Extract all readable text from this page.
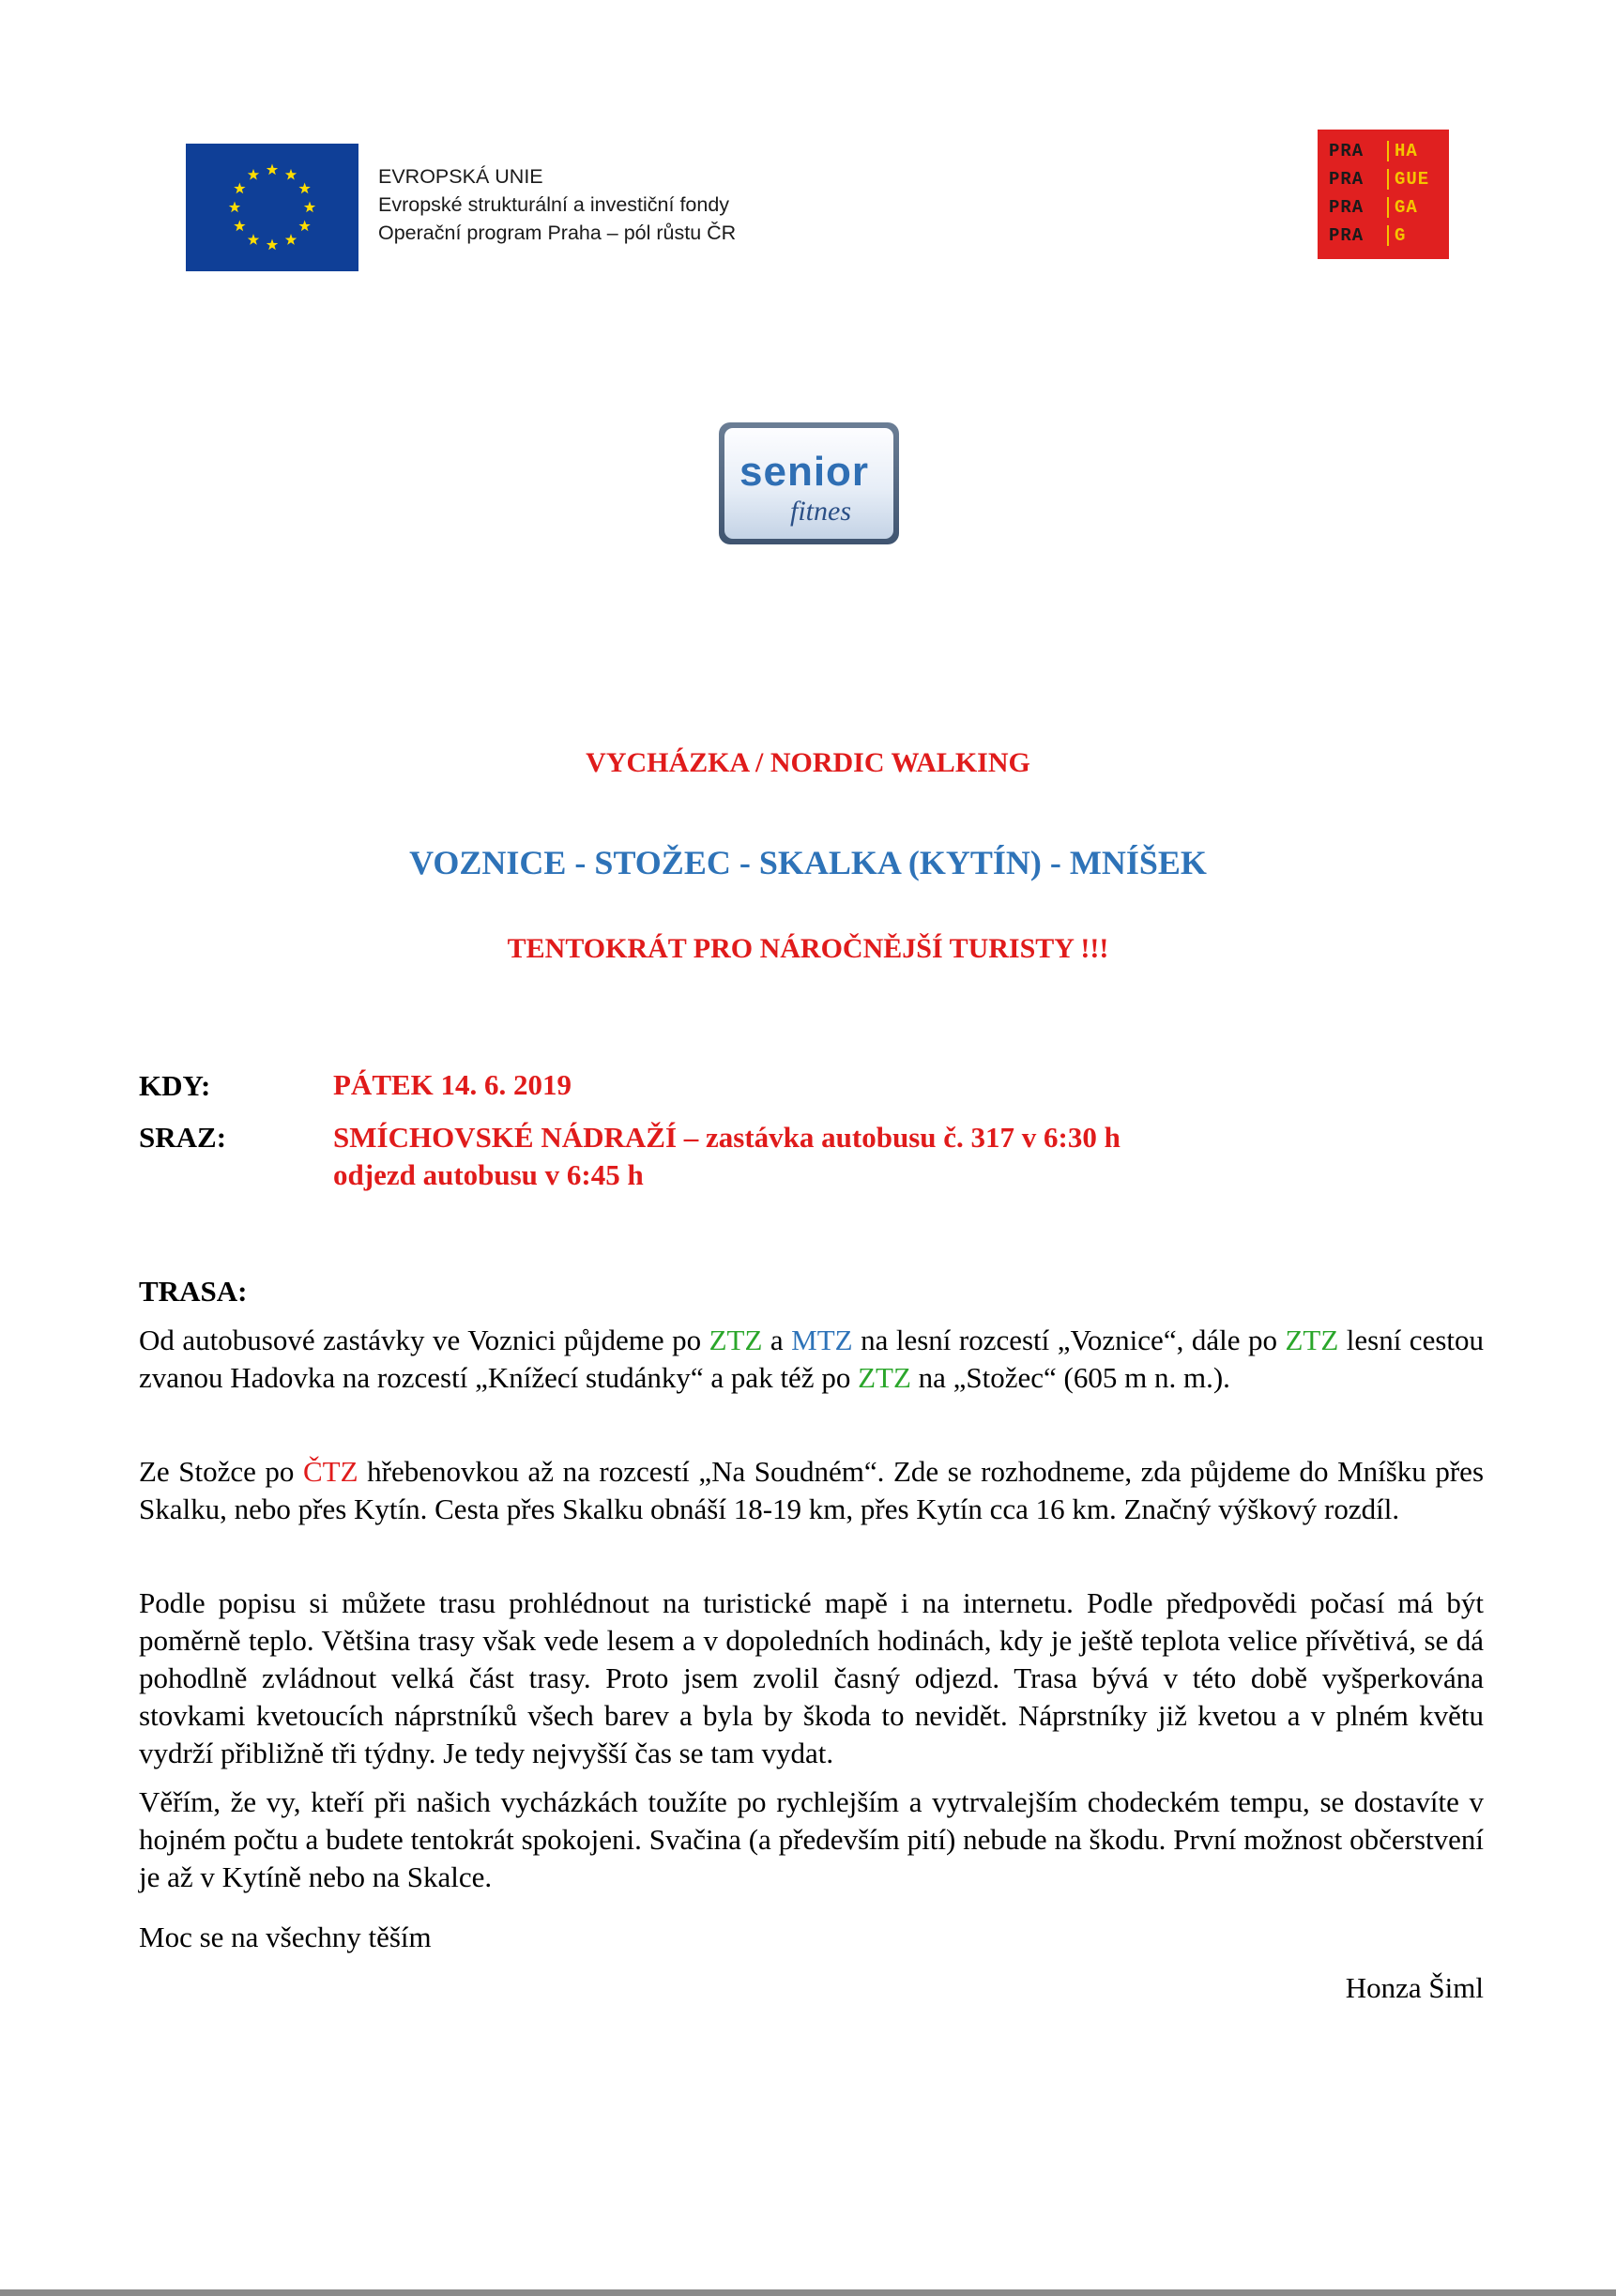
EVROPSKÁ UNIE
Evropské strukturální a investiční fondy
Operační program Praha – pól růstu ČR
PRA HA
PRA GUE
PRA GA
PRA G
senior
fitnes
VYCHÁZKA / NORDIC WALKING
VOZNICE - STOŽEC - SKALKA (KYTÍN) - MNÍŠEK
TENTOKRÁT PRO NÁROČNĚJŠÍ TURISTY !!!
KDY:	PÁTEK 14. 6. 2019
SRAZ:	SMÍCHOVSKÉ NÁDRAŽÍ – zastávka autobusu č. 317 v 6:30 h
odjezd autobusu v 6:45 h
TRASA:
Od autobusové zastávky ve Voznici půjdeme po ZTZ a MTZ na lesní rozcestí „Voznice“, dále po ZTZ lesní cestou zvanou Hadovka na rozcestí „Knížecí studánky“ a pak též po ZTZ na „Stožec“ (605 m n. m.).
Ze Stožce po ČTZ hřebenovkou až na rozcestí „Na Soudném“. Zde se rozhodneme, zda půjdeme do Mníšku přes Skalku, nebo přes Kytín. Cesta přes Skalku obnáší 18-19 km, přes Kytín cca 16 km. Značný výškový rozdíl.
Podle popisu si můžete trasu prohlédnout na turistické mapě i na internetu. Podle předpovědi počasí má být poměrně teplo. Většina trasy však vede lesem a v dopoledních hodinách, kdy je ještě teplota velice přívětivá, se dá pohodlně zvládnout velká část trasy. Proto jsem zvolil časný odjezd. Trasa bývá v této době vyšperkována stovkami kvetoucích náprstníků všech barev a byla by škoda to nevidět. Náprstníky již kvetou a v plném květu vydrží přibližně tři týdny. Je tedy nejvyšší čas se tam vydat.
Věřím, že vy, kteří při našich vycházkách toužíte po rychlejším a vytrvalejším chodeckém tempu, se dostavíte v hojném počtu a budete tentokrát spokojeni. Svačina (a především pití) nebude na škodu. První možnost občerstvení je až v Kytíně nebo na Skalce.
Moc se na všechny těším
Honza Šiml
